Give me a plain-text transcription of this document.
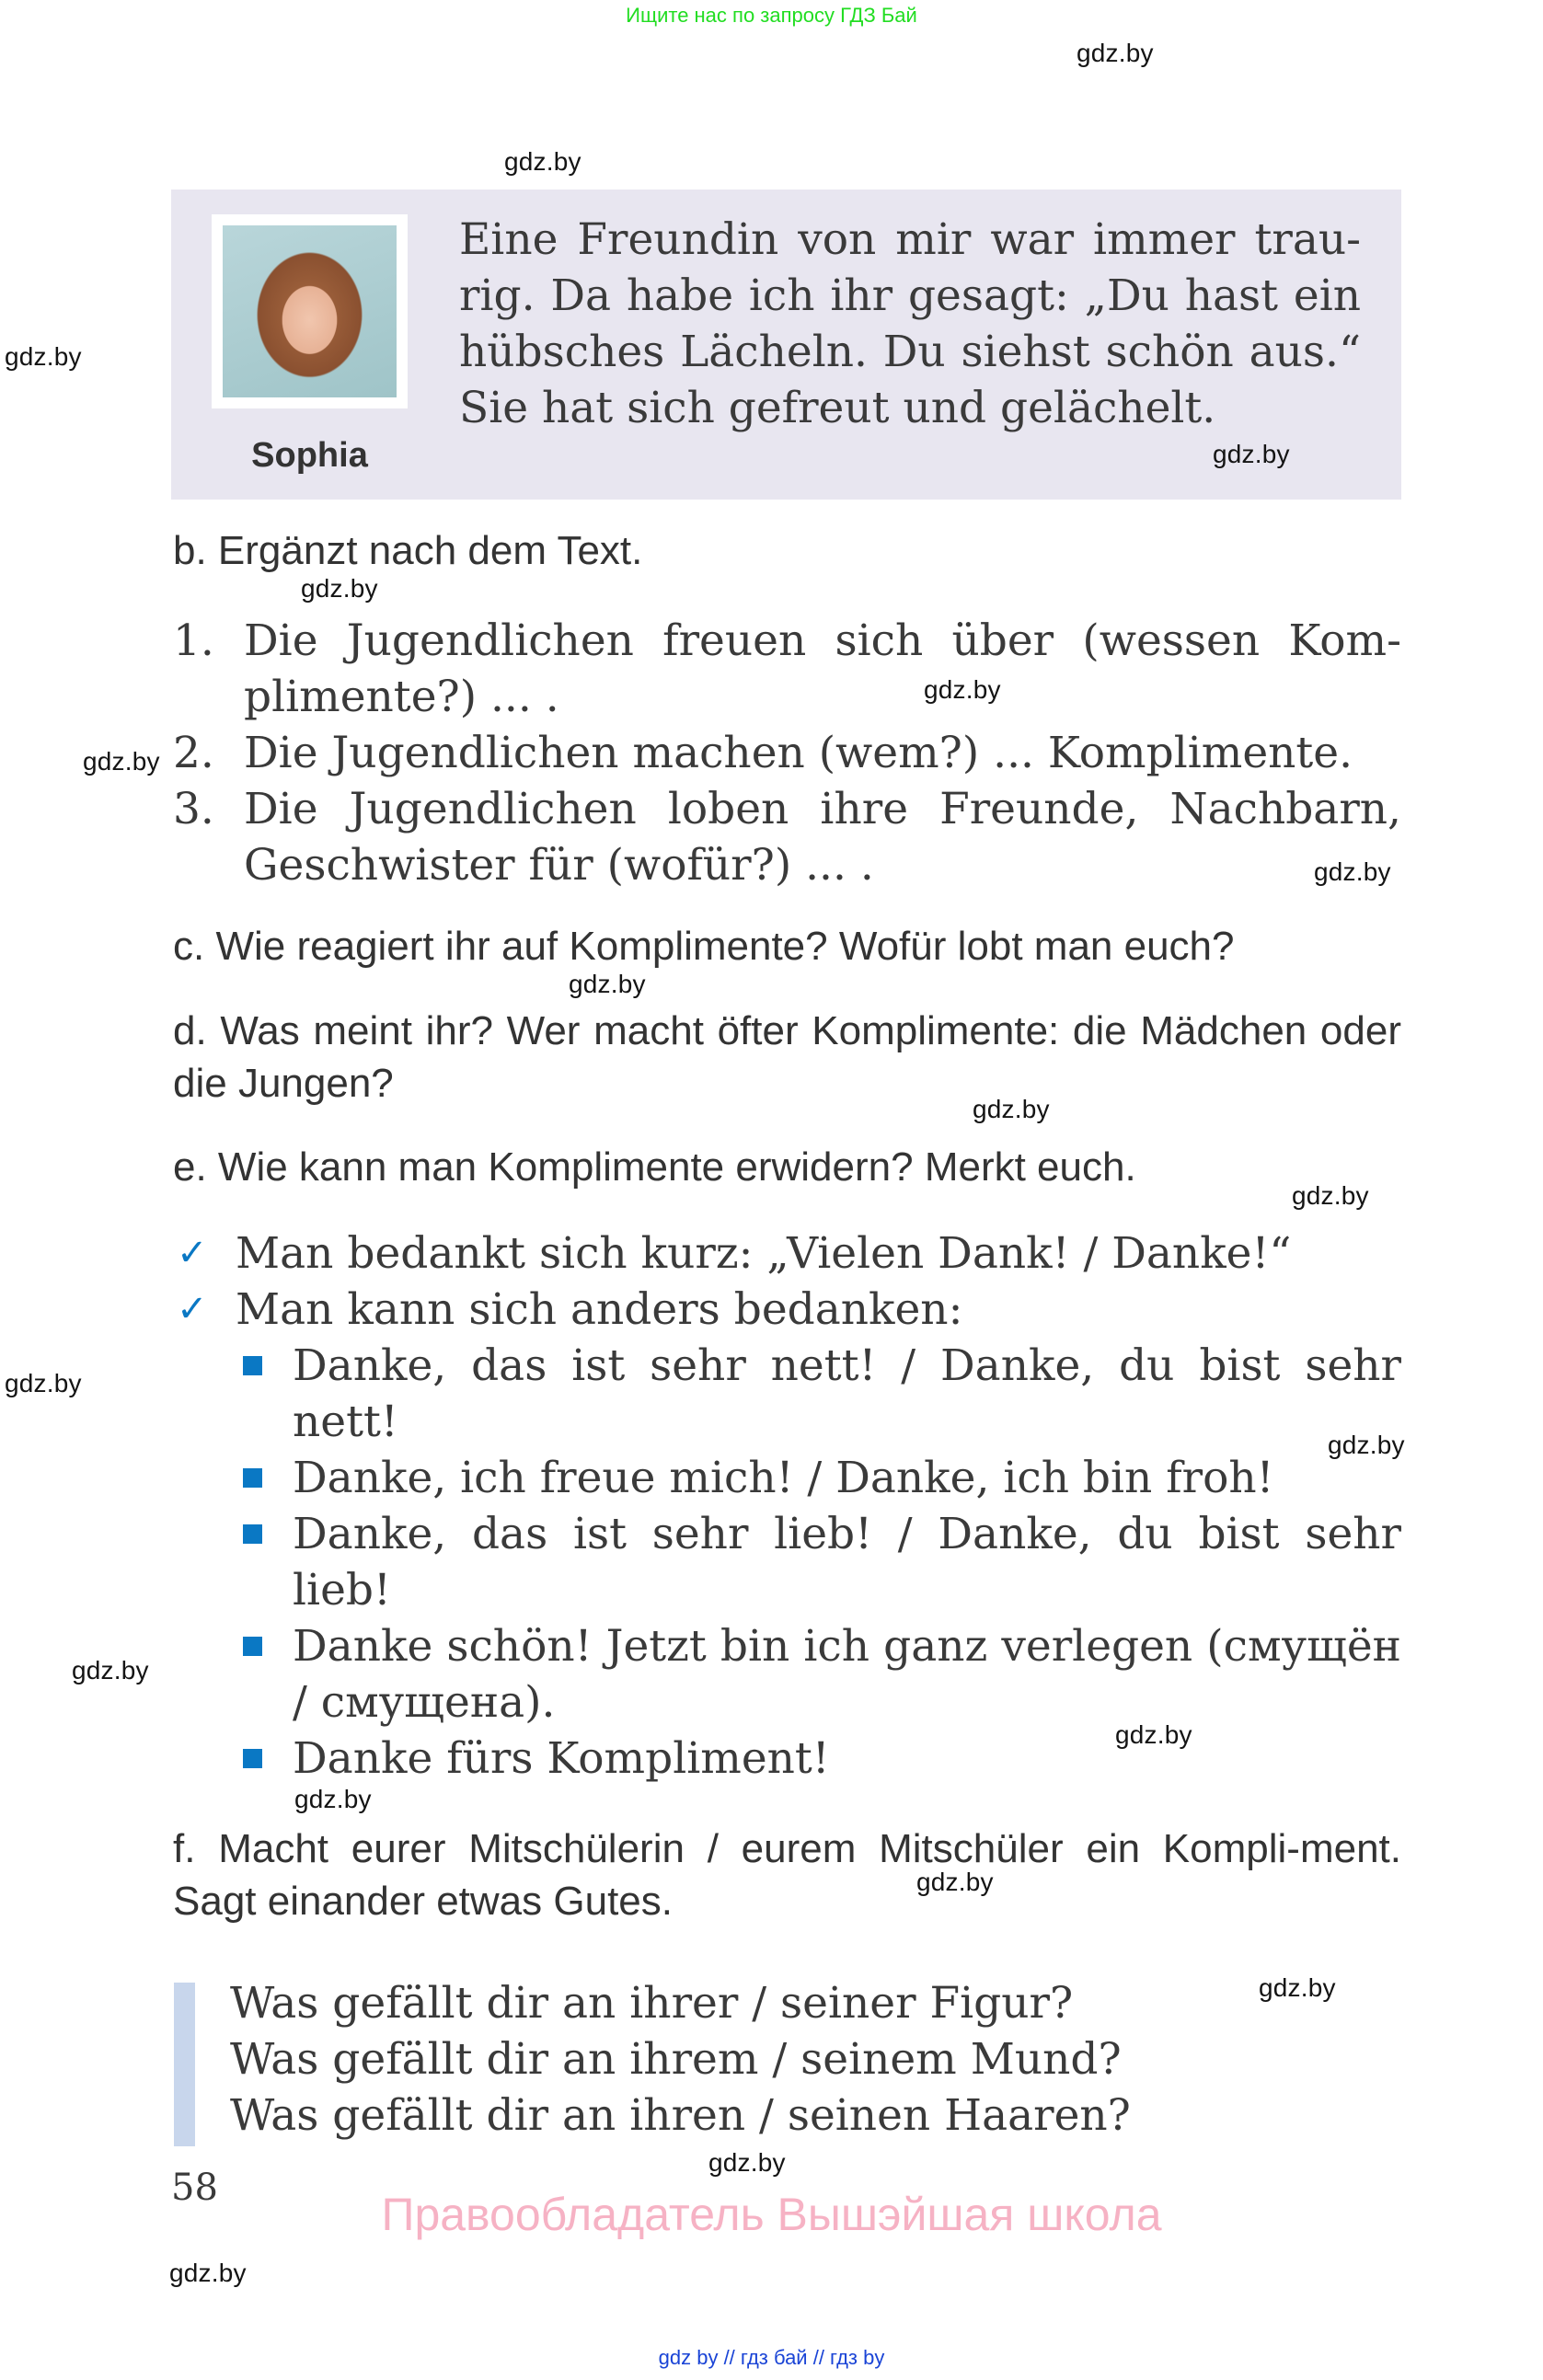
Ищите нас по запросу ГДЗ Бай
Sophia
Eine Freundin von mir war immer trau-rig. Da habe ich ihr gesagt: „Du hast ein hübsches Lächeln. Du siehst schön aus.“ Sie hat sich gefreut und gelächelt.
b. Ergänzt nach dem Text.
1. Die Jugendlichen freuen sich über (wessen Kom-plimente?) ... .
2. Die Jugendlichen machen (wem?) ... Komplimente.
3. Die Jugendlichen loben ihre Freunde, Nachbarn, Geschwister für (wofür?) ... .
c. Wie reagiert ihr auf Komplimente? Wofür lobt man euch?
d. Was meint ihr? Wer macht öfter Komplimente: die Mädchen oder die Jungen?
e. Wie kann man Komplimente erwidern? Merkt euch.
✓ Man bedankt sich kurz: „Vielen Dank! / Danke!“
✓ Man kann sich anders bedanken:
Danke, das ist sehr nett! / Danke, du bist sehr nett!
Danke, ich freue mich! / Danke, ich bin froh!
Danke, das ist sehr lieb! / Danke, du bist sehr lieb!
Danke schön! Jetzt bin ich ganz verlegen (смущён / смущена).
Danke fürs Kompliment!
f. Macht eurer Mitschülerin / eurem Mitschüler ein Kompli-ment. Sagt einander etwas Gutes.
Was gefällt dir an ihrer / seiner Figur?
Was gefällt dir an ihrem / seinem Mund?
Was gefällt dir an ihren / seinen Haaren?
58
Правообладатель Вышэйшая школа
gdz by // гдз бай // гдз by
gdz.by
gdz.by
gdz.by
gdz.by
gdz.by
gdz.by
gdz.by
gdz.by
gdz.by
gdz.by
gdz.by
gdz.by
gdz.by
gdz.by
gdz.by
gdz.by
gdz.by
gdz.by
gdz.by
gdz.by
